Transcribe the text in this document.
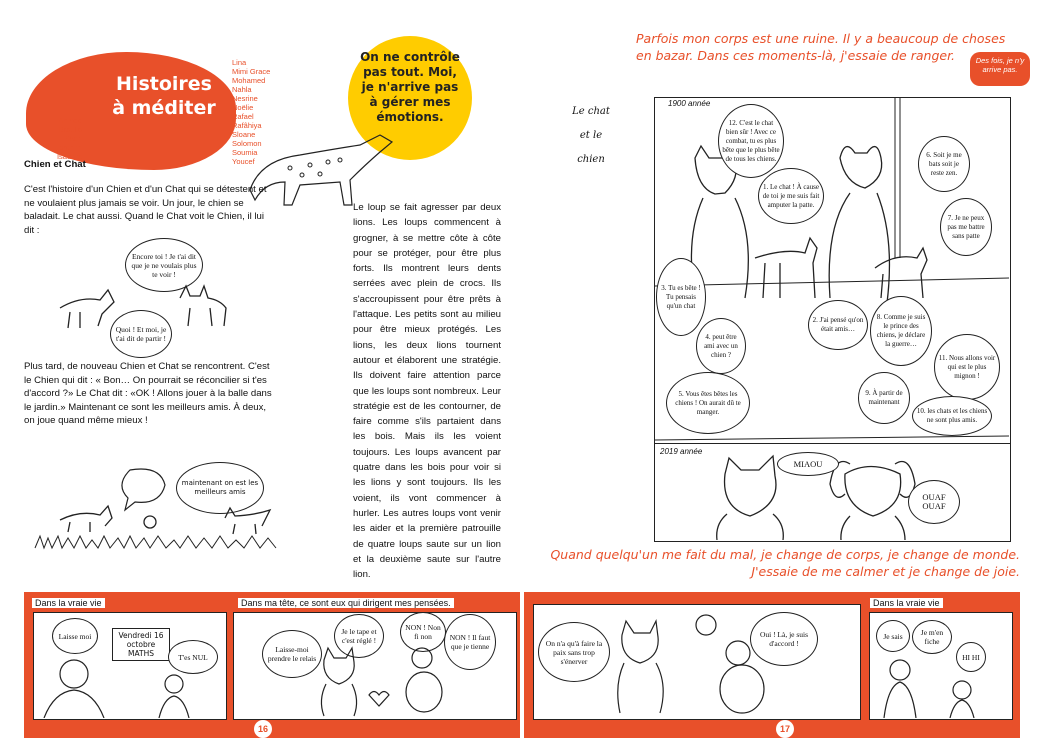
Histoires
à méditer
Ahmed
Braulio
Ethan
Ibrahim
Isadora
Lina
Mimi Grace
Mohamed
Nahla
Nesrine
Noëlie
Rafael
Rafâhiya
Sloane
Solomon
Soumia
Youcef
On ne contrôle pas tout. Moi, je n'arrive pas à gérer mes émotions.
Chien et Chat
C'est l'histoire d'un Chien et d'un Chat qui se détestent et ne voulaient plus jamais se voir. Un jour, le chien se baladait. Le chat aussi. Quand le Chat voit le Chien, il lui dit :
Encore toi ! Je t'ai dit que je ne voulais plus te voir !
Quoi ! Et moi, je t'ai dit de partir !
Plus tard, de nouveau Chien et Chat se rencontrent. C'est le Chien qui dit : « Bon… On pourrait se réconcilier si t'es d'accord ?» Le Chat dit : «OK ! Allons jouer à la balle dans le jardin.» Maintenant ce sont les meilleurs amis. À deux, on joue quand même mieux !
maintenant on est les meilleurs amis
Le loup se fait agresser par deux lions. Les loups commencent à grogner, à se mettre côte à côte pour se protéger, pour être plus forts. Ils montrent leurs dents serrées avec plein de crocs. Ils s'accroupissent pour être prêts à l'attaque. Les petits sont au milieu pour être mieux protégés. Les lions, les deux lions tournent autour et élaborent une stratégie. Ils doivent faire attention parce que les loups sont nombreux. Leur stratégie est de les contourner, de faire comme s'ils partaient dans les bois. Mais ils les voient toujours. Les loups avancent par quatre dans les bois pour voir si les lions y sont toujours. Ils les voient, ils vont commencer à hurler. Les autres loups vont venir les aider et la première patrouille de quatre loups saute sur un lion et la deuxième saute sur l'autre lion.
Parfois mon corps est une ruine. Il y a beaucoup de choses en bazar. Dans ces moments-là, j'essaie de ranger.	Des fois, je n'y arrive pas.
Le chat et le chien
1900 année
12. C'est le chat bien sûr ! Avec ce combat, tu es plus bête que le plus bête de tous les chiens.
1. Le chat ! À cause de toi je me suis fait amputer la patte.
6. Soit je me bats soit je reste zen.
7. Je ne peux pas me battre sans patte
3. Tu es bête ! Tu pensais qu'un chat
4. peut être ami avec un chien ?
2. J'ai pensé qu'on était amis…
8. Comme je suis le prince des chiens, je déclare la guerre…
5. Vous êtes bêtes les chiens ! On aurait dû te manger.
11. Nous allons voir qui est le plus mignon !
9. À partir de maintenant
10. les chats et les chiens ne sont plus amis.
2019 année
MIAOU
OUAF OUAF
Quand quelqu'un me fait du mal, je change de corps, je change de monde. J'essaie de me calmer et je change de joie.
Dans la vraie vie
Laisse moi	Vendredi 16 octobre MATHS	T'es NUL
Dans ma tête, ce sont eux qui dirigent mes pensées.
Laisse-moi prendre le relais
Je le tape et c'est réglé !
NON ! Non fi non	NON ! Il faut que je tienne	On n'a qu'à faire la paix sans trop s'énerver
Oui ! Là, je suis d'accord !
Dans la vraie vie
Je sais	Je m'en fiche
HI HI
16	17
